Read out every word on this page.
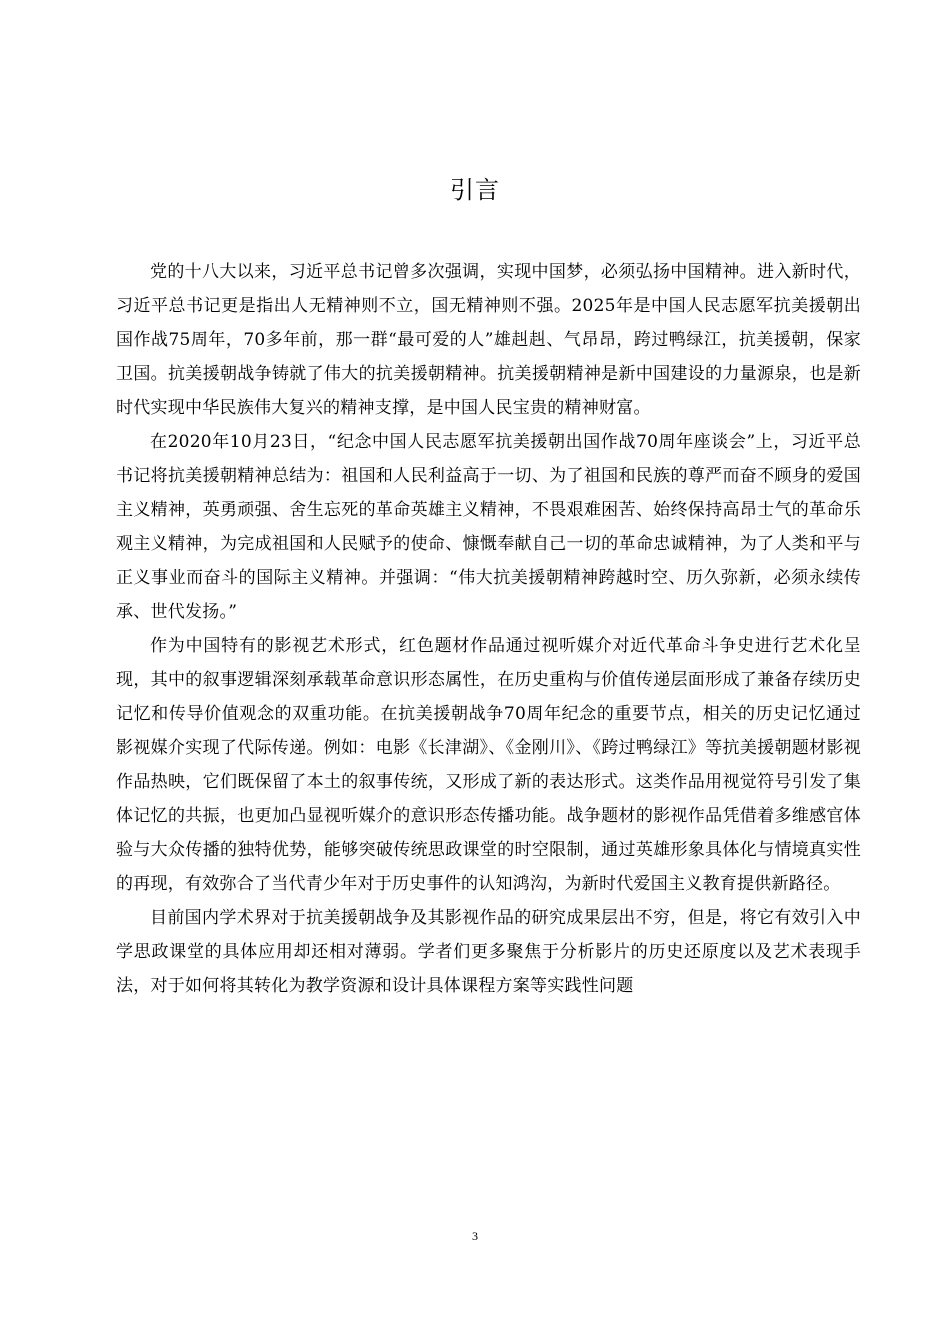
引言

党的十八大以来，习近平总书记曾多次强调，实现中国梦，必须弘扬中国精神。进入新时代，习近平总书记更是指出人无精神则不立，国无精神则不强。2025年是中国人民志愿军抗美援朝出国作战75周年，70多年前，那一群“最可爱的人”雄赳赳、气昂昂，跨过鸭绿江，抗美援朝，保家卫国。抗美援朝战争铸就了伟大的抗美援朝精神。抗美援朝精神是新中国建设的力量源泉，也是新时代实现中华民族伟大复兴的精神支撑，是中国人民宝贵的精神财富。

在2020年10月23日，“纪念中国人民志愿军抗美援朝出国作战70周年座谈会”上，习近平总书记将抗美援朝精神总结为：祖国和人民利益高于一切、为了祖国和民族的尊严而奋不顾身的爱国主义精神，英勇顽强、舍生忘死的革命英雄主义精神，不畏艰难困苦、始终保持高昂士气的革命乐观主义精神，为完成祖国和人民赋予的使命、慷慨奉献自己一切的革命忠诚精神，为了人类和平与正义事业而奋斗的国际主义精神。并强调：“伟大抗美援朝精神跨越时空、历久弥新，必须永续传承、世代发扬。”

作为中国特有的影视艺术形式，红色题材作品通过视听媒介对近代革命斗争史进行艺术化呈现，其中的叙事逻辑深刻承载革命意识形态属性，在历史重构与价值传递层面形成了兼备存续历史记忆和传导价值观念的双重功能。在抗美援朝战争70周年纪念的重要节点，相关的历史记忆通过影视媒介实现了代际传递。例如：电影《长津湖》、《金刚川》、《跨过鸭绿江》等抗美援朝题材影视作品热映，它们既保留了本土的叙事传统，又形成了新的表达形式。这类作品用视觉符号引发了集体记忆的共振，也更加凸显视听媒介的意识形态传播功能。战争题材的影视作品凭借着多维感官体验与大众传播的独特优势，能够突破传统思政课堂的时空限制，通过英雄形象具体化与情境真实性的再现，有效弥合了当代青少年对于历史事件的认知鸿沟，为新时代爱国主义教育提供新路径。

目前国内学术界对于抗美援朝战争及其影视作品的研究成果层出不穷，但是，将它有效引入中学思政课堂的具体应用却还相对薄弱。学者们更多聚焦于分析影片的历史还原度以及艺术表现手法，对于如何将其转化为教学资源和设计具体课程方案等实践性问题

3
